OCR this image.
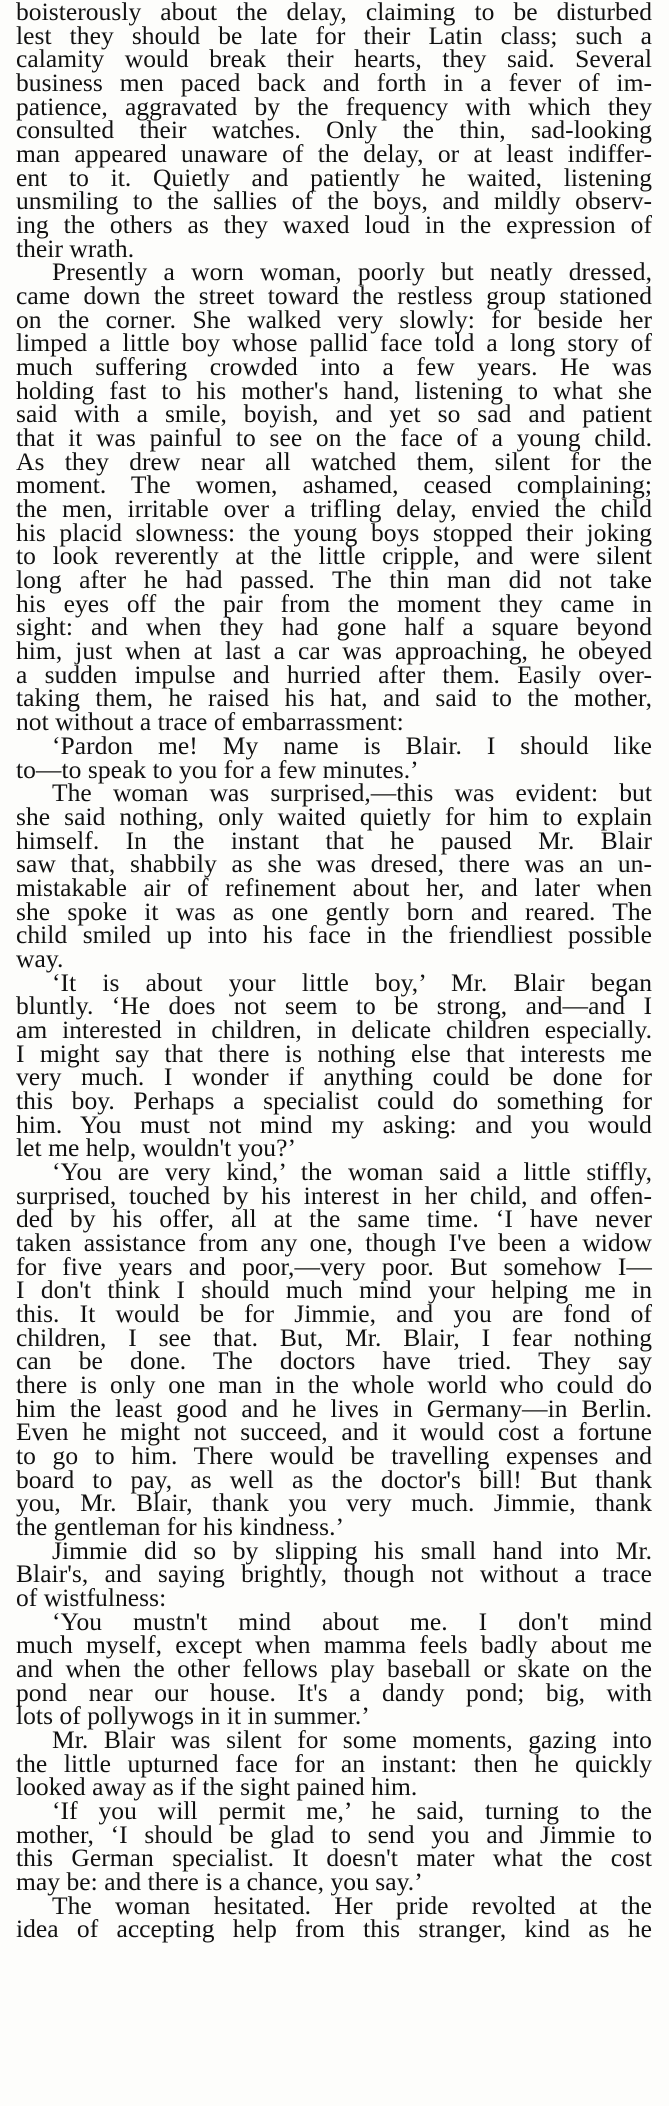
boisterously about the delay, claiming to be disturbed
lest they should be late for their Latin class; such a
calamity would break their hearts, they said. Several
business men paced back and forth in a fever of im-
patience, aggravated by the frequency with which they
consulted their watches. Only the thin, sad-looking
man appeared unaware of the delay, or at least indiffer-
ent to it. Quietly and patiently he waited, listening
unsmiling to the sallies of the boys, and mildly observ-
ing the others as they waxed loud in the expression of
their wrath.
Presently a worn woman, poorly but neatly dressed,
came down the street toward the restless group stationed
on the corner. She walked very slowly: for beside her
limped a little boy whose pallid face told a long story of
much suffering crowded into a few years. He was
holding fast to his mother's hand, listening to what she
said with a smile, boyish, and yet so sad and patient
that it was painful to see on the face of a young child.
As they drew near all watched them, silent for the
moment. The women, ashamed, ceased complaining;
the men, irritable over a trifling delay, envied the child
his placid slowness: the young boys stopped their joking
to look reverently at the little cripple, and were silent
long after he had passed. The thin man did not take
his eyes off the pair from the moment they came in
sight: and when they had gone half a square beyond
him, just when at last a car was approaching, he obeyed
a sudden impulse and hurried after them. Easily over-
taking them, he raised his hat, and said to the mother,
not without a trace of embarrassment:
‘Pardon me! My name is Blair. I should like
to—to speak to you for a few minutes.’
The woman was surprised,—this was evident: but
she said nothing, only waited quietly for him to explain
himself. In the instant that he paused Mr. Blair
saw that, shabbily as she was dresed, there was an un-
mistakable air of refinement about her, and later when
she spoke it was as one gently born and reared. The
child smiled up into his face in the friendliest possible
way.
‘It is about your little boy,’ Mr. Blair began
bluntly. ‘He does not seem to be strong, and—and I
am interested in children, in delicate children especially.
I might say that there is nothing else that interests me
very much. I wonder if anything could be done for
this boy. Perhaps a specialist could do something for
him. You must not mind my asking: and you would
let me help, wouldn't you?’
‘You are very kind,’ the woman said a little stiffly,
surprised, touched by his interest in her child, and offen-
ded by his offer, all at the same time. ‘I have never
taken assistance from any one, though I've been a widow
for five years and poor,—very poor. But somehow I—
I don't think I should much mind your helping me in
this. It would be for Jimmie, and you are fond of
children, I see that. But, Mr. Blair, I fear nothing
can be done. The doctors have tried. They say
there is only one man in the whole world who could do
him the least good and he lives in Germany—in Berlin.
Even he might not succeed, and it would cost a fortune
to go to him. There would be travelling expenses and
board to pay, as well as the doctor's bill! But thank
you, Mr. Blair, thank you very much. Jimmie, thank
the gentleman for his kindness.’
Jimmie did so by slipping his small hand into Mr.
Blair's, and saying brightly, though not without a trace
of wistfulness:
‘You mustn't mind about me. I don't mind
much myself, except when mamma feels badly about me
and when the other fellows play baseball or skate on the
pond near our house. It's a dandy pond; big, with
lots of pollywogs in it in summer.’
Mr. Blair was silent for some moments, gazing into
the little upturned face for an instant: then he quickly
looked away as if the sight pained him.
‘If you will permit me,’ he said, turning to the
mother, ‘I should be glad to send you and Jimmie to
this German specialist. It doesn't mater what the cost
may be: and there is a chance, you say.’
The woman hesitated. Her pride revolted at the
idea of accepting help from this stranger, kind as he
